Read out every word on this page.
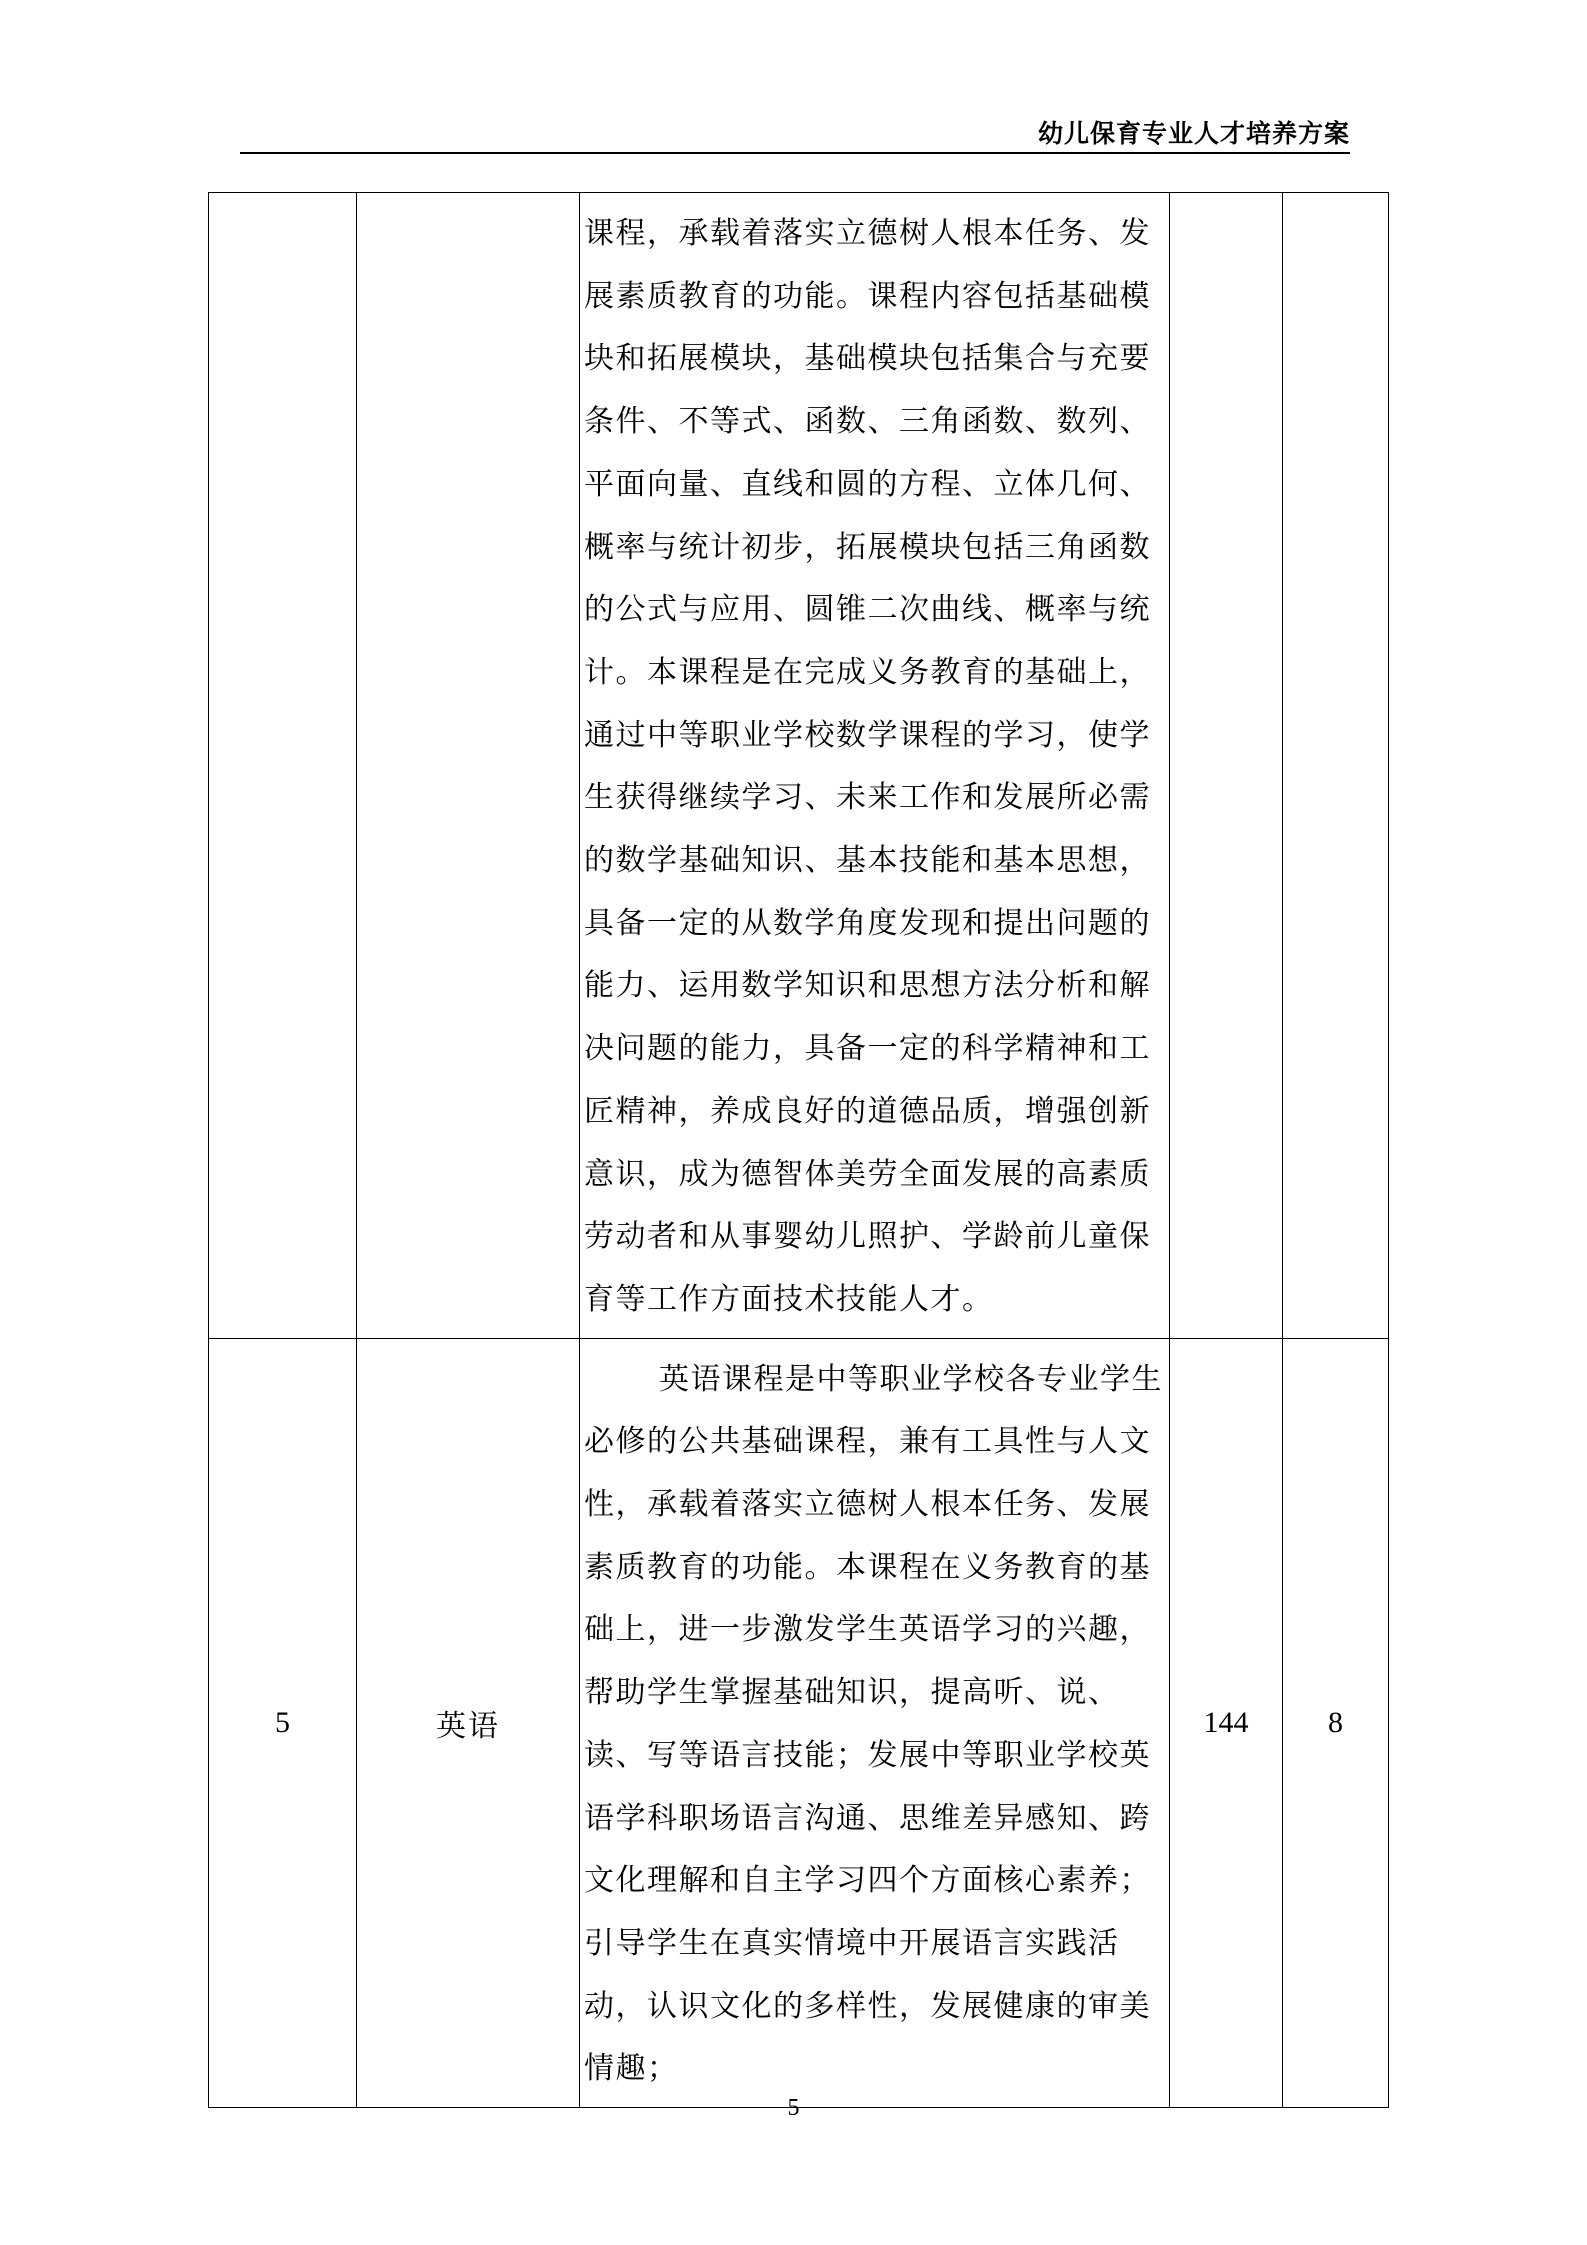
幼儿保育专业人才培养方案

		课程，承载着落实立德树人根本任务、发展素质教育的功能。课程内容包括基础模块和拓展模块，基础模块包括集合与充要条件、不等式、函数、三角函数、数列、平面向量、直线和圆的方程、立体几何、概率与统计初步，拓展模块包括三角函数的公式与应用、圆锥二次曲线、概率与统计。本课程是在完成义务教育的基础上，通过中等职业学校数学课程的学习，使学生获得继续学习、未来工作和发展所必需的数学基础知识、基本技能和基本思想，具备一定的从数学角度发现和提出问题的能力、运用数学知识和思想方法分析和解决问题的能力，具备一定的科学精神和工匠精神，养成良好的道德品质，增强创新意识，成为德智体美劳全面发展的高素质劳动者和从事婴幼儿照护、学龄前儿童保育等工作方面技术技能人才。		

5	英语	英语课程是中等职业学校各专业学生必修的公共基础课程，兼有工具性与人文性，承载着落实立德树人根本任务、发展素质教育的功能。本课程在义务教育的基础上，进一步激发学生英语学习的兴趣，帮助学生掌握基础知识，提高听、说、读、写等语言技能；发展中等职业学校英语学科职场语言沟通、思维差异感知、跨文化理解和自主学习四个方面核心素养；引导学生在真实情境中开展语言实践活动，认识文化的多样性，发展健康的审美情趣；	144	8
5
